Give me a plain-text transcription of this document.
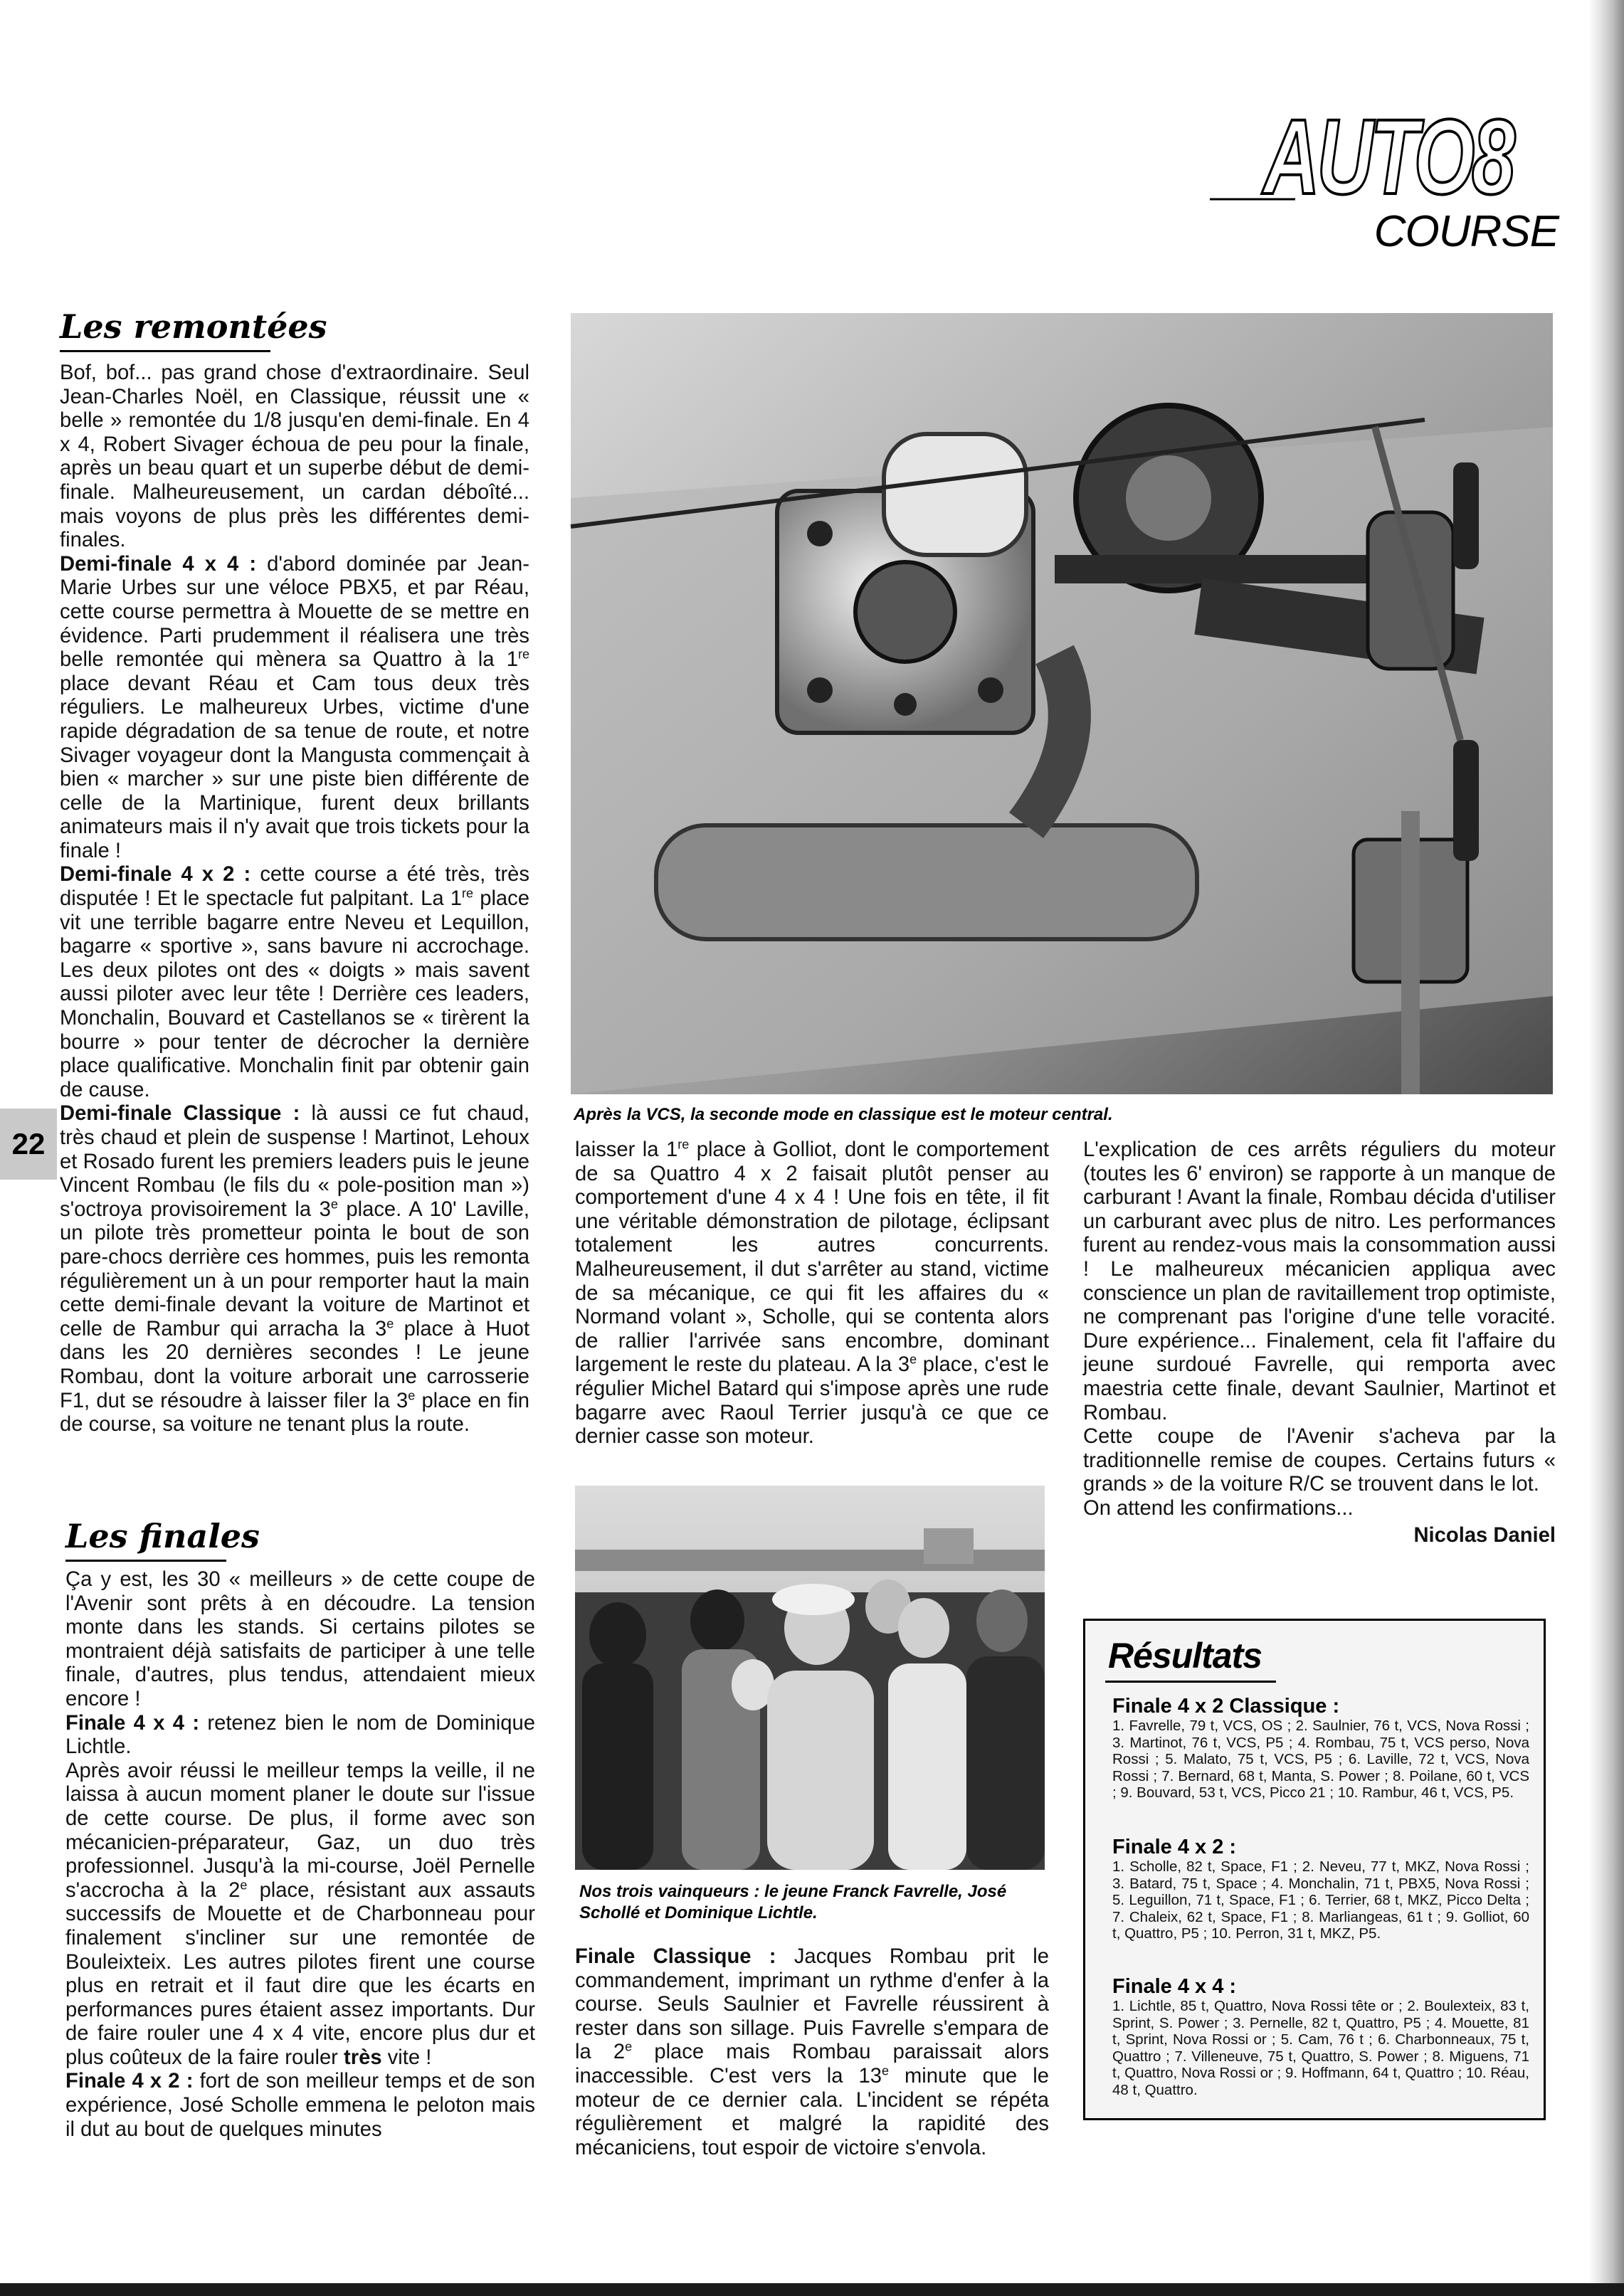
AUTO8
COURSE
Les remontées

Bof, bof... pas grand chose d'extraordinaire. Seul Jean-Charles Noël, en Classique, réussit une « belle » remontée du 1/8 jusqu'en demi-finale. En 4 x 4, Robert Sivager échoua de peu pour la finale, après un beau quart et un superbe début de demi-finale. Malheureusement, un cardan déboîté... mais voyons de plus près les différentes demi-finales.

Demi-finale 4 x 4 : d'abord dominée par Jean-Marie Urbes sur une véloce PBX5, et par Réau, cette course permettra à Mouette de se mettre en évidence. Parti prudemment il réalisera une très belle remontée qui mènera sa Quattro à la 1re place devant Réau et Cam tous deux très réguliers. Le malheureux Urbes, victime d'une rapide dégradation de sa tenue de route, et notre Sivager voyageur dont la Mangusta commençait à bien « marcher » sur une piste bien différente de celle de la Martinique, furent deux brillants animateurs mais il n'y avait que trois tickets pour la finale !

Demi-finale 4 x 2 : cette course a été très, très disputée ! Et le spectacle fut palpitant. La 1re place vit une terrible bagarre entre Neveu et Lequillon, bagarre « sportive », sans bavure ni accrochage. Les deux pilotes ont des « doigts » mais savent aussi piloter avec leur tête ! Derrière ces leaders, Monchalin, Bouvard et Castellanos se « tirèrent la bourre » pour tenter de décrocher la dernière place qualificative. Monchalin finit par obtenir gain de cause.

Demi-finale Classique : là aussi ce fut chaud, très chaud et plein de suspense ! Martinot, Lehoux et Rosado furent les premiers leaders puis le jeune Vincent Rombau (le fils du « pole-position man ») s'octroya provisoirement la 3e place. A 10' Laville, un pilote très prometteur pointa le bout de son pare-chocs derrière ces hommes, puis les remonta régulièrement un à un pour remporter haut la main cette demi-finale devant la voiture de Martinot et celle de Rambur qui arracha la 3e place à Huot dans les 20 dernières secondes ! Le jeune Rombau, dont la voiture arborait une carrosserie F1, dut se résoudre à laisser filer la 3e place en fin de course, sa voiture ne tenant plus la route.

22
Les finales

Ça y est, les 30 « meilleurs » de cette coupe de l'Avenir sont prêts à en découdre. La tension monte dans les stands. Si certains pilotes se montraient déjà satisfaits de participer à une telle finale, d'autres, plus tendus, attendaient mieux encore !

Finale 4 x 4 : retenez bien le nom de Dominique Lichtle.

Après avoir réussi le meilleur temps la veille, il ne laissa à aucun moment planer le doute sur l'issue de cette course. De plus, il forme avec son mécanicien-préparateur, Gaz, un duo très professionnel. Jusqu'à la mi-course, Joël Pernelle s'accrocha à la 2e place, résistant aux assauts successifs de Mouette et de Charbonneau pour finalement s'incliner sur une remontée de Bouleixteix. Les autres pilotes firent une course plus en retrait et il faut dire que les écarts en performances pures étaient assez importants. Dur de faire rouler une 4 x 4 vite, encore plus dur et plus coûteux de la faire rouler très vite !

Finale 4 x 2 : fort de son meilleur temps et de son expérience, José Scholle emmena le peloton mais il dut au bout de quelques minutes

Après la VCS, la seconde mode en classique est le moteur central.

laisser la 1re place à Golliot, dont le comportement de sa Quattro 4 x 2 faisait plutôt penser au comportement d'une 4 x 4 ! Une fois en tête, il fit une véritable démonstration de pilotage, éclipsant totalement les autres concurrents. Malheureusement, il dut s'arrêter au stand, victime de sa mécanique, ce qui fit les affaires du « Normand volant », Scholle, qui se contenta alors de rallier l'arrivée sans encombre, dominant largement le reste du plateau. A la 3e place, c'est le régulier Michel Batard qui s'impose après une rude bagarre avec Raoul Terrier jusqu'à ce que ce dernier casse son moteur.

Nos trois vainqueurs : le jeune Franck Favrelle, José Schollé et Dominique Lichtle.

Finale Classique : Jacques Rombau prit le commandement, imprimant un rythme d'enfer à la course. Seuls Saulnier et Favrelle réussirent à rester dans son sillage. Puis Favrelle s'empara de la 2e place mais Rombau paraissait alors inaccessible. C'est vers la 13e minute que le moteur de ce dernier cala. L'incident se répéta régulièrement et malgré la rapidité des mécaniciens, tout espoir de victoire s'envola.

L'explication de ces arrêts réguliers du moteur (toutes les 6' environ) se rapporte à un manque de carburant ! Avant la finale, Rombau décida d'utiliser un carburant avec plus de nitro. Les performances furent au rendez-vous mais la consommation aussi ! Le malheureux mécanicien appliqua avec conscience un plan de ravitaillement trop optimiste, ne comprenant pas l'origine d'une telle voracité. Dure expérience... Finalement, cela fit l'affaire du jeune surdoué Favrelle, qui remporta avec maestria cette finale, devant Saulnier, Martinot et Rombau.

Cette coupe de l'Avenir s'acheva par la traditionnelle remise de coupes. Certains futurs « grands » de la voiture R/C se trouvent dans le lot.

On attend les confirmations...

Nicolas Daniel
Résultats
Finale 4 x 2 Classique :
1. Favrelle, 79 t, VCS, OS ; 2. Saulnier, 76 t, VCS, Nova Rossi ; 3. Martinot, 76 t, VCS, P5 ; 4. Rombau, 75 t, VCS perso, Nova Rossi ; 5. Malato, 75 t, VCS, P5 ; 6. Laville, 72 t, VCS, Nova Rossi ; 7. Bernard, 68 t, Manta, S. Power ; 8. Poilane, 60 t, VCS ; 9. Bouvard, 53 t, VCS, Picco 21 ; 10. Rambur, 46 t, VCS, P5.
Finale 4 x 2 :
1. Scholle, 82 t, Space, F1 ; 2. Neveu, 77 t, MKZ, Nova Rossi ; 3. Batard, 75 t, Space ; 4. Monchalin, 71 t, PBX5, Nova Rossi ; 5. Leguillon, 71 t, Space, F1 ; 6. Terrier, 68 t, MKZ, Picco Delta ; 7. Chaleix, 62 t, Space, F1 ; 8. Marliangeas, 61 t ; 9. Golliot, 60 t, Quattro, P5 ; 10. Perron, 31 t, MKZ, P5.
Finale 4 x 4 :
1. Lichtle, 85 t, Quattro, Nova Rossi tête or ; 2. Boulexteix, 83 t, Sprint, S. Power ; 3. Pernelle, 82 t, Quattro, P5 ; 4. Mouette, 81 t, Sprint, Nova Rossi or ; 5. Cam, 76 t ; 6. Charbonneaux, 75 t, Quattro ; 7. Villeneuve, 75 t, Quattro, S. Power ; 8. Miguens, 71 t, Quattro, Nova Rossi or ; 9. Hoffmann, 64 t, Quattro ; 10. Réau, 48 t, Quattro.
